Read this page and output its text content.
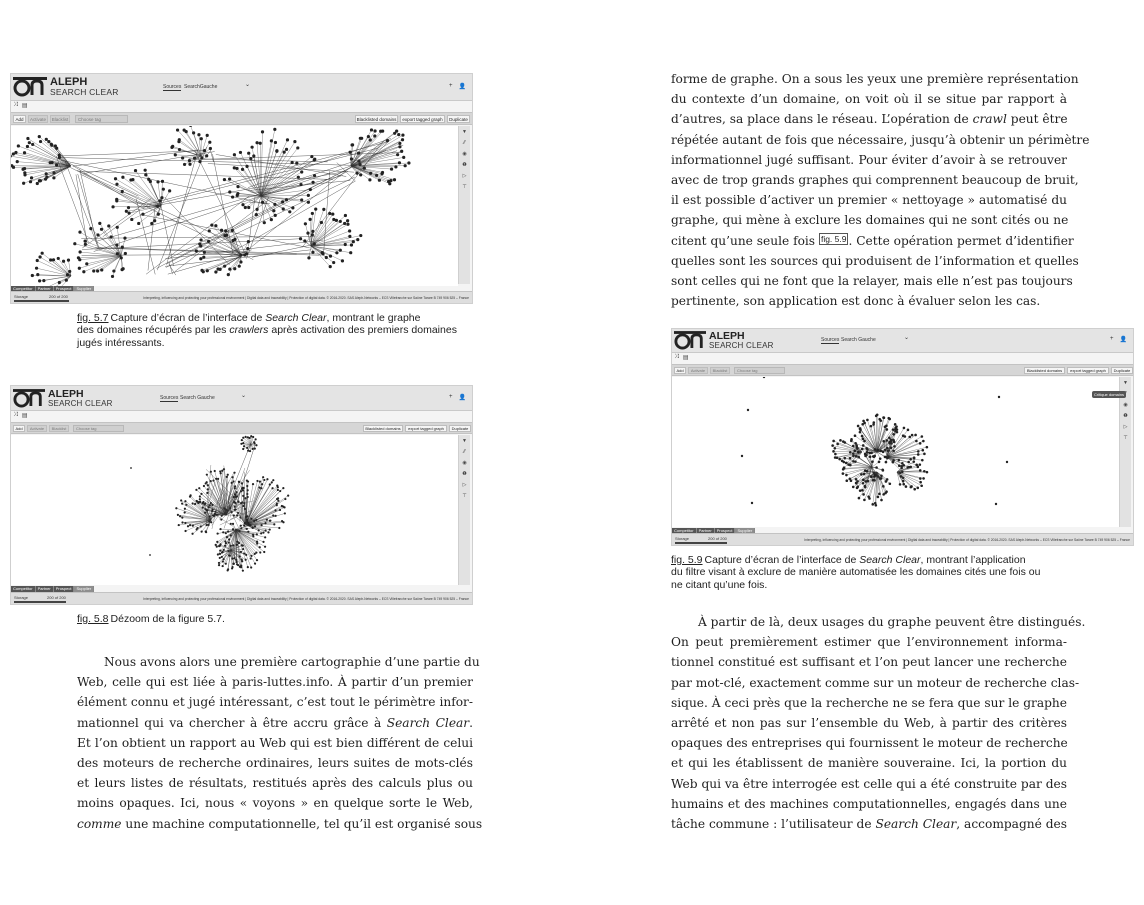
ALEPH
SEARCH CLEAR
Sources SearchGauche	⌄	+ 👤
⤨ ▤
Add	Activate	Blacklist	Choose tag	Blacklisted domains	export tagged graph	Duplicate
▼
⁄⁄
◉
❶
▷
⊤
Competitor	Partner	Prospect	Supplier
Storage	200 of 200	Interpreting, influencing and protecting your professional environment | Digital data and traceability | Protection of digital data. © 2016-2020. SAS Aleph-Networks – ECS Villefranche sur Saône Tarare B 749 906 525 – France
fig. 5.7 Capture d’écran de l’interface de Search Clear, montrant le graphe
des domaines récupérés par les crawlers après activation des premiers domaines
jugés intéressants.
ALEPH
SEARCH CLEAR
Sources Search Gauche	⌄	+ 👤
⤨ ▤
Add	Activate	Blacklist	Choose tag	Blacklisted domains	export tagged graph	Duplicate
▼
⁄⁄
◉
❶
▷
⊤
Competitor	Partner	Prospect	Supplier
Storage	200 of 200	Interpreting, influencing and protecting your professional environment | Digital data and traceability | Protection of digital data. © 2016-2020. SAS Aleph-Networks – ECS Villefranche sur Saône Tarare B 749 906 525 – France
fig. 5.8 Dézoom de la figure 5.7.
Nous avons alors une première cartographie d’une partie du
Web, celle qui est liée à paris-luttes.info. À partir d’un premier
élément connu et jugé intéressant, c’est tout le périmètre infor-
mationnel qui va chercher à être accru grâce à Search Clear.
Et l’on obtient un rapport au Web qui est bien différent de celui
des moteurs de recherche ordinaires, leurs suites de mots-clés
et leurs listes de résultats, restitués après des calculs plus ou
moins opaques. Ici, nous « voyons » en quelque sorte le Web,
comme une machine computationnelle, tel qu’il est organisé sous
forme de graphe. On a sous les yeux une première représentation
du contexte d’un domaine, on voit où il se situe par rapport à
d’autres, sa place dans le réseau. L’opération de crawl peut être
répétée autant de fois que nécessaire, jusqu’à obtenir un périmètre
informationnel jugé suffisant. Pour éviter d’avoir à se retrouver
avec de trop grands graphes qui comprennent beaucoup de bruit,
il est possible d’activer un premier « nettoyage » automatisé du
graphe, qui mène à exclure les domaines qui ne sont cités ou ne
citent qu’une seule fois $^{fig. 5.9}$ . Cette opération permet d’identifier
quelles sont les sources qui produisent de l’information et quelles
sont celles qui ne font que la relayer, mais elle n’est pas toujours
pertinente, son application est donc à évaluer selon les cas.
ALEPH
SEARCH CLEAR
Sources Search Gauche	⌄	+ 👤
⤨ ▤
Add	Activate	Blacklist	Choose tag	Blacklisted domains	export tagged graph	Duplicate
▼
◉
❶
▷
⊤
Critique domains
Competitor	Partner	Prospect	Supplier
Storage	200 of 200	Interpreting, influencing and protecting your professional environment | Digital data and traceability | Protection of digital data. © 2016-2020. SAS Aleph-Networks – ECS Villefranche sur Saône Tarare B 749 906 525 – France
fig. 5.9 Capture d’écran de l’interface de Search Clear, montrant l’application
du filtre visant à exclure de manière automatisée les domaines cités une fois ou
ne citant qu’une fois.
À partir de là, deux usages du graphe peuvent être distingués.
On peut premièrement estimer que l’environnement informa-
tionnel constitué est suffisant et l’on peut lancer une recherche
par mot-clé, exactement comme sur un moteur de recherche clas-
sique. À ceci près que la recherche ne se fera que sur le graphe
arrêté et non pas sur l’ensemble du Web, à partir des critères
opaques des entreprises qui fournissent le moteur de recherche
et qui les établissent de manière souveraine. Ici, la portion du
Web qui va être interrogée est celle qui a été construite par des
humains et des machines computationnelles, engagés dans une
tâche commune : l’utilisateur de Search Clear, accompagné des
